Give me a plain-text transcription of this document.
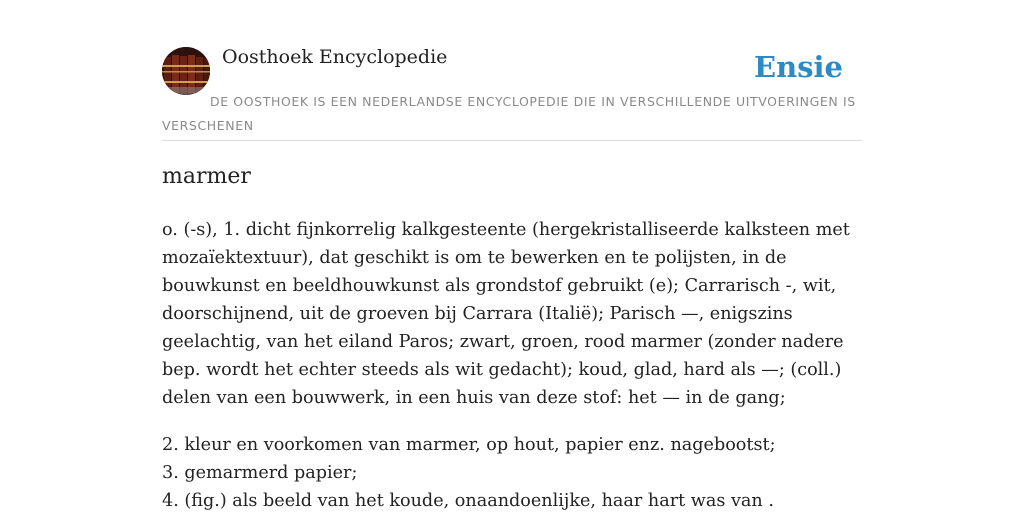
Oosthoek Encyclopedie	Ensie

DE OOSTHOEK IS EEN NEDERLANDSE ENCYCLOPEDIE DIE IN VERSCHILLENDE UITVOERINGEN IS VERSCHENEN

marmer

o. (-s), 1. dicht fijnkorrelig kalkgesteente (hergekristalliseerde kalksteen met mozaïektextuur), dat geschikt is om te bewerken en te polijsten, in de bouwkunst en beeldhouwkunst als grondstof gebruikt (e); Carrarisch -, wit, doorschijnend, uit de groeven bij Carrara (Italië); Parisch —, enigszins geelachtig, van het eiland Paros; zwart, groen, rood marmer (zonder nadere bep. wordt het echter steeds als wit gedacht); koud, glad, hard als —; (coll.) delen van een bouwwerk, in een huis van deze stof: het — in de gang;

2. kleur en voorkomen van marmer, op hout, papier enz. nagebootst;

3. gemarmerd papier;

4. (fig.) als beeld van het koude, onaandoenlijke, haar hart was van .
